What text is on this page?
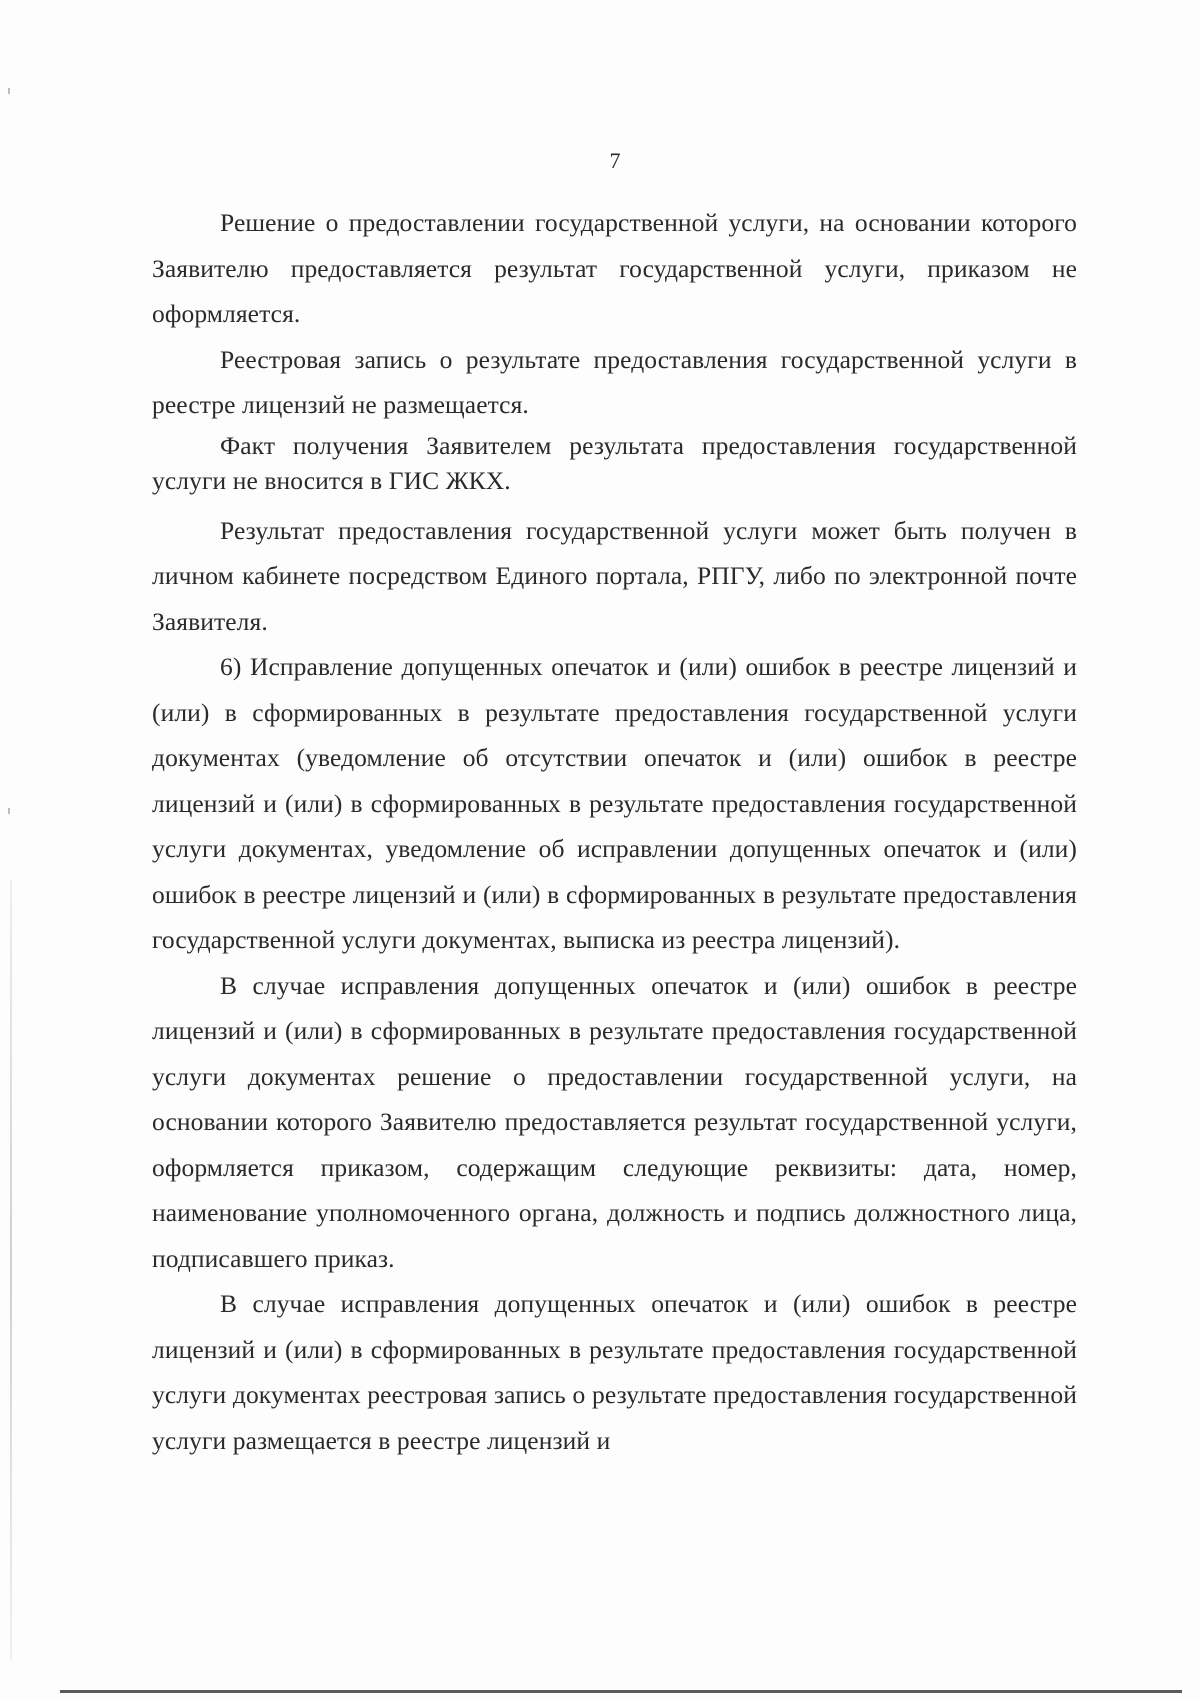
7

Решение о предоставлении государственной услуги, на основании которого Заявителю предоставляется результат государственной услуги, приказом не оформляется.

Реестровая запись о результате предоставления государственной услуги в реестре лицензий не размещается.

Факт получения Заявителем результата предоставления государственной услуги не вносится в ГИС ЖКХ.

Результат предоставления государственной услуги может быть получен в личном кабинете посредством Единого портала, РПГУ, либо по электронной почте Заявителя.

6) Исправление допущенных опечаток и (или) ошибок в реестре лицензий и (или) в сформированных в результате предоставления государственной услуги документах (уведомление об отсутствии опечаток и (или) ошибок в реестре лицензий и (или) в сформированных в результате предоставления государственной услуги документах, уведомление об исправлении допущенных опечаток и (или) ошибок в реестре лицензий и (или) в сформированных в результате предоставления государственной услуги документах, выписка из реестра лицензий).

В случае исправления допущенных опечаток и (или) ошибок в реестре лицензий и (или) в сформированных в результате предоставления государственной услуги документах решение о предоставлении государственной услуги, на основании которого Заявителю предоставляется результат государственной услуги, оформляется приказом, содержащим следующие реквизиты: дата, номер, наименование уполномоченного органа, должность и подпись должностного лица, подписавшего приказ.

В случае исправления допущенных опечаток и (или) ошибок в реестре лицензий и (или) в сформированных в результате предоставления государственной услуги документах реестровая запись о результате предоставления государственной услуги размещается в реестре лицензий и
